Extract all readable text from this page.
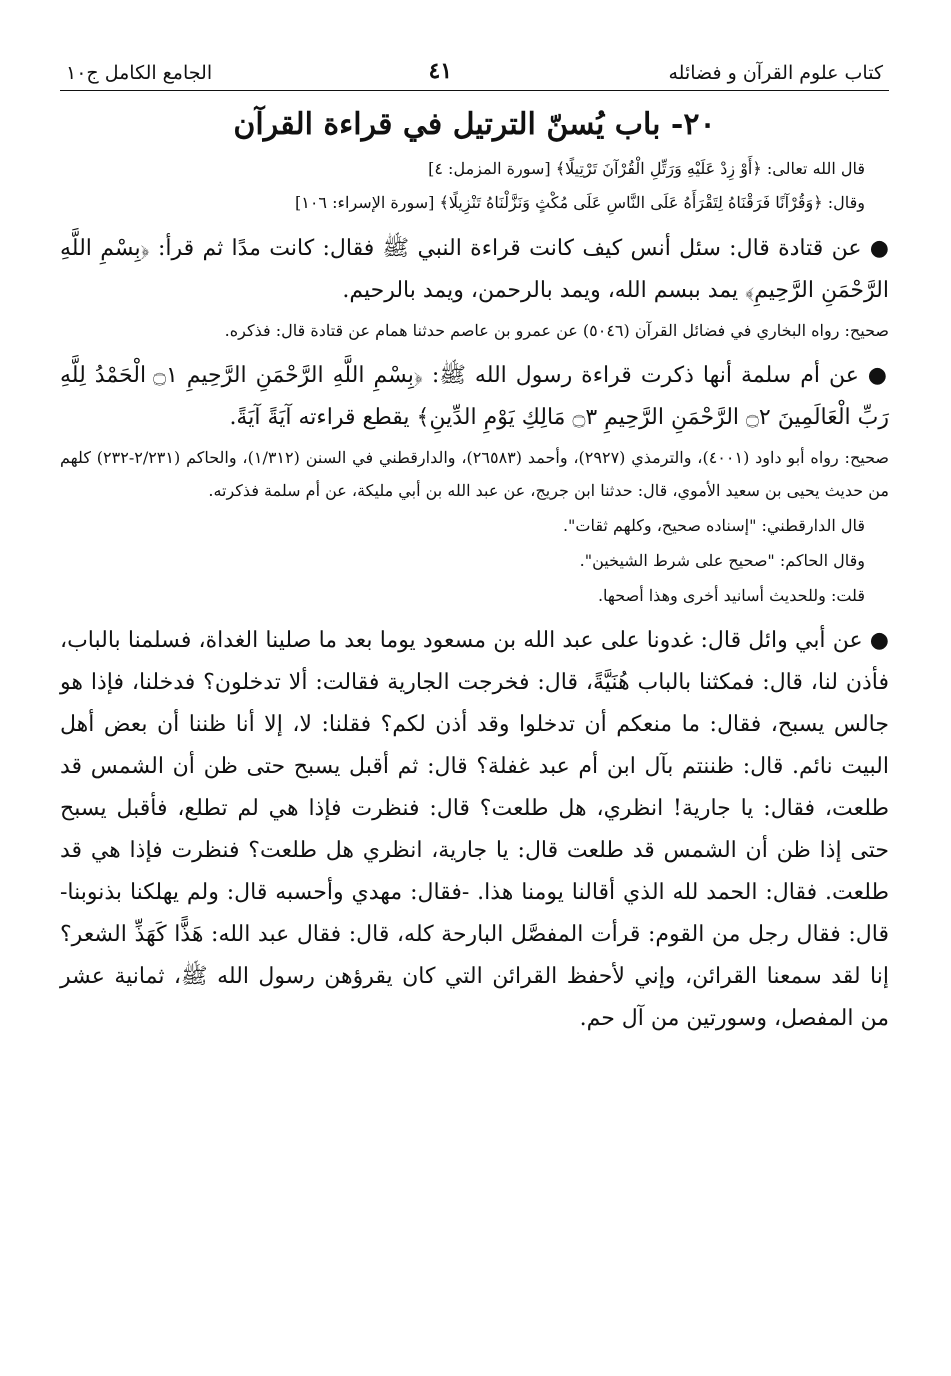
كتاب علوم القرآن و فضائله
٤١
الجامع الكامل ج١٠
٢٠- باب يُسنّ الترتيل في قراءة القرآن

قال الله تعالى: ﴿أَوْ زِدْ عَلَيْهِ وَرَتِّلِ الْقُرْآنَ تَرْتِيلًا﴾ [سورة المزمل: ٤]

وقال: ﴿وَقُرْآنًا فَرَقْنَاهُ لِتَقْرَأَهُ عَلَى النَّاسِ عَلَى مُكْثٍ وَنَزَّلْنَاهُ تَنْزِيلًا﴾ [سورة الإسراء: ١٠٦]

● عن قتادة قال: سئل أنس كيف كانت قراءة النبي ﷺ فقال: كانت مدًا ثم قرأ: ﴿بِسْمِ اللَّهِ الرَّحْمَنِ الرَّحِيمِ﴾ يمد ببسم الله، ويمد بالرحمن، ويمد بالرحيم.

صحيح: رواه البخاري في فضائل القرآن (٥٠٤٦) عن عمرو بن عاصم حدثنا همام عن قتادة قال: فذكره.

● عن أم سلمة أنها ذكرت قراءة رسول الله ﷺ: ﴿بِسْمِ اللَّهِ الرَّحْمَنِ الرَّحِيمِ ۝١ الْحَمْدُ لِلَّهِ رَبِّ الْعَالَمِينَ ۝٢ الرَّحْمَنِ الرَّحِيمِ ۝٣ مَالِكِ يَوْمِ الدِّينِ﴾ يقطع قراءته آيَةً آيَةً.

صحيح: رواه أبو داود (٤٠٠١)، والترمذي (٢٩٢٧)، وأحمد (٢٦٥٨٣)، والدارقطني في السنن (١/٣١٢)، والحاكم (٢/٢٣١-٢٣٢) كلهم من حديث يحيى بن سعيد الأموي، قال: حدثنا ابن جريج، عن عبد الله بن أبي مليكة، عن أم سلمة فذكرته.

قال الدارقطني: "إسناده صحيح، وكلهم ثقات".

وقال الحاكم: "صحيح على شرط الشيخين".

قلت: وللحديث أسانيد أخرى وهذا أصحها.

● عن أبي وائل قال: غدونا على عبد الله بن مسعود يوما بعد ما صلينا الغداة، فسلمنا بالباب، فأذن لنا، قال: فمكثنا بالباب هُنَيَّةً، قال: فخرجت الجارية فقالت: ألا تدخلون؟ فدخلنا، فإذا هو جالس يسبح، فقال: ما منعكم أن تدخلوا وقد أذن لكم؟ فقلنا: لا، إلا أنا ظننا أن بعض أهل البيت نائم. قال: ظننتم بآل ابن أم عبد غفلة؟ قال: ثم أقبل يسبح حتى ظن أن الشمس قد طلعت، فقال: يا جارية! انظري، هل طلعت؟ قال: فنظرت فإذا هي لم تطلع، فأقبل يسبح حتى إذا ظن أن الشمس قد طلعت قال: يا جارية، انظري هل طلعت؟ فنظرت فإذا هي قد طلعت. فقال: الحمد لله الذي أقالنا يومنا هذا. -فقال: مهدي وأحسبه قال: ولم يهلكنا بذنوبنا- قال: فقال رجل من القوم: قرأت المفصَّل البارحة كله، قال: فقال عبد الله: هَذًّا كَهَذِّ الشعر؟ إنا لقد سمعنا القرائن، وإني لأحفظ القرائن التي كان يقرؤهن رسول الله ﷺ، ثمانية عشر من المفصل، وسورتين من آل حم.
